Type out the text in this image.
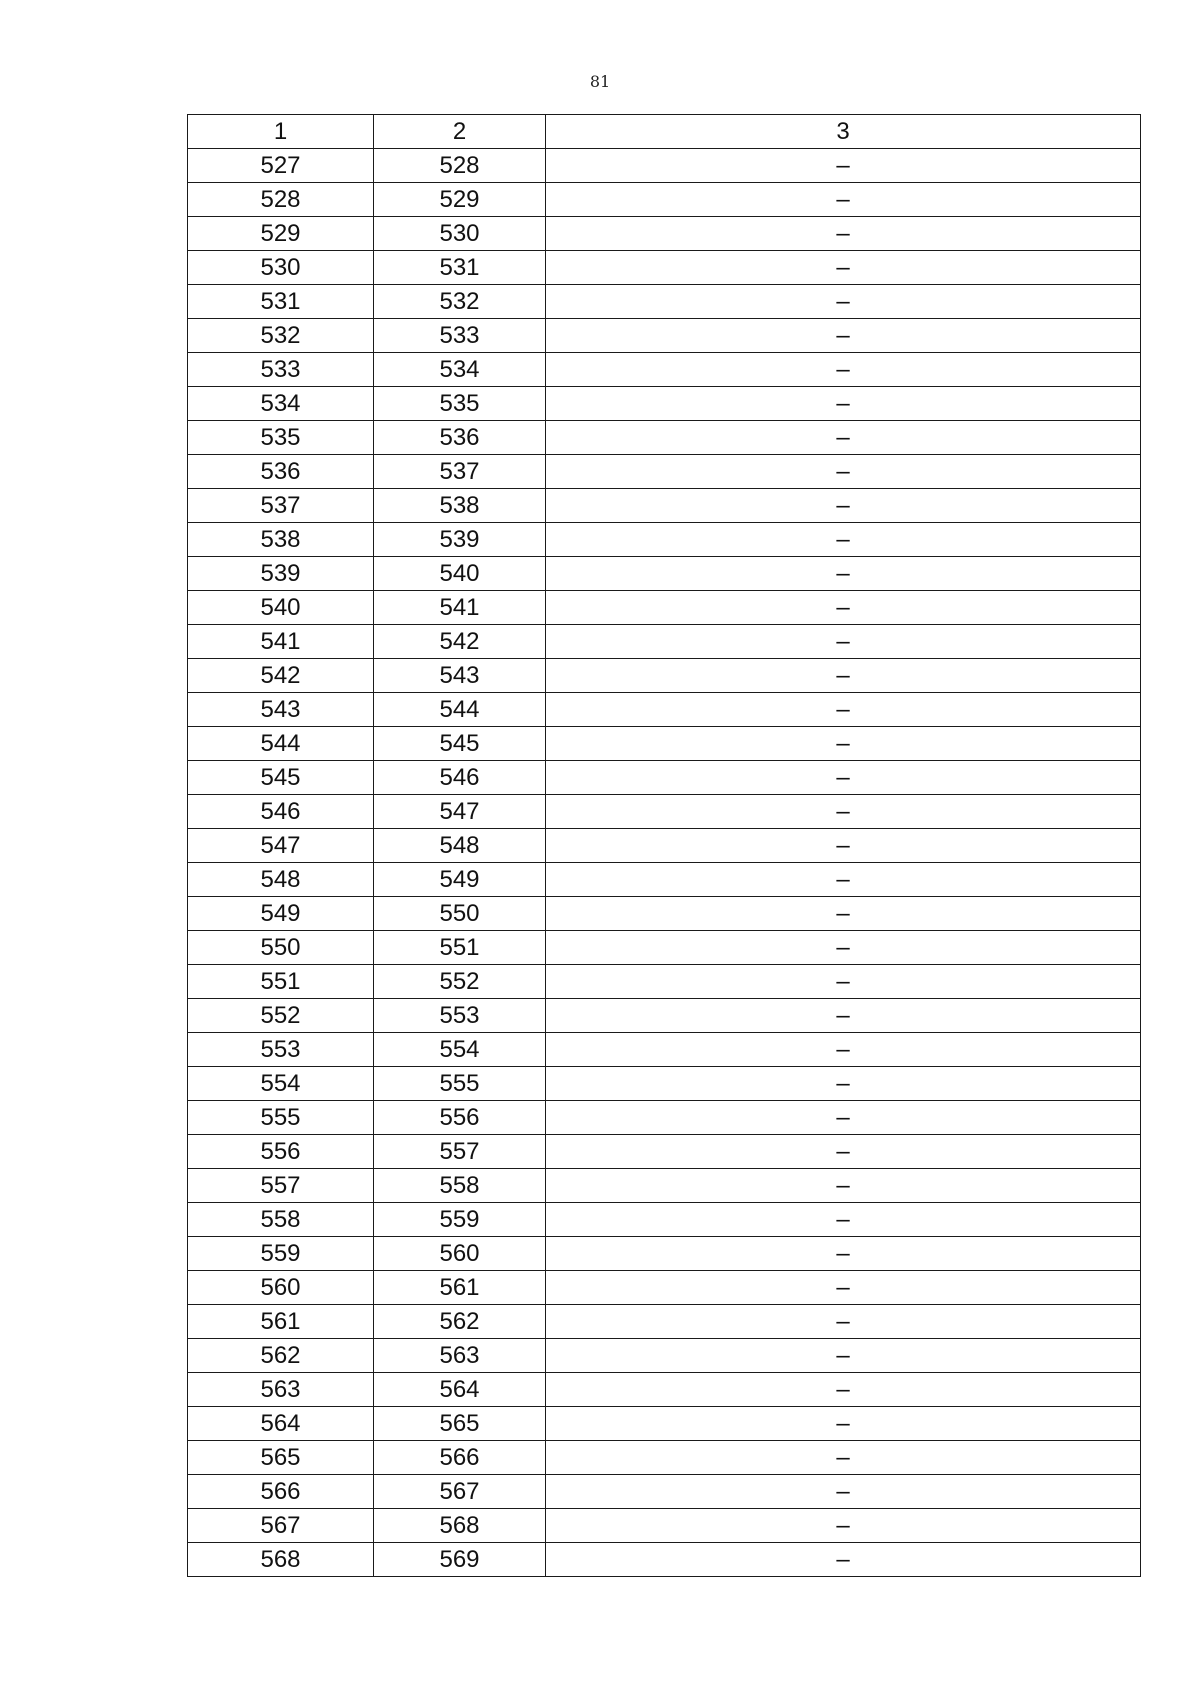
81
1	2	3
527	528	–
528	529	–
529	530	–
530	531	–
531	532	–
532	533	–
533	534	–
534	535	–
535	536	–
536	537	–
537	538	–
538	539	–
539	540	–
540	541	–
541	542	–
542	543	–
543	544	–
544	545	–
545	546	–
546	547	–
547	548	–
548	549	–
549	550	–
550	551	–
551	552	–
552	553	–
553	554	–
554	555	–
555	556	–
556	557	–
557	558	–
558	559	–
559	560	–
560	561	–
561	562	–
562	563	–
563	564	–
564	565	–
565	566	–
566	567	–
567	568	–
568	569	–
